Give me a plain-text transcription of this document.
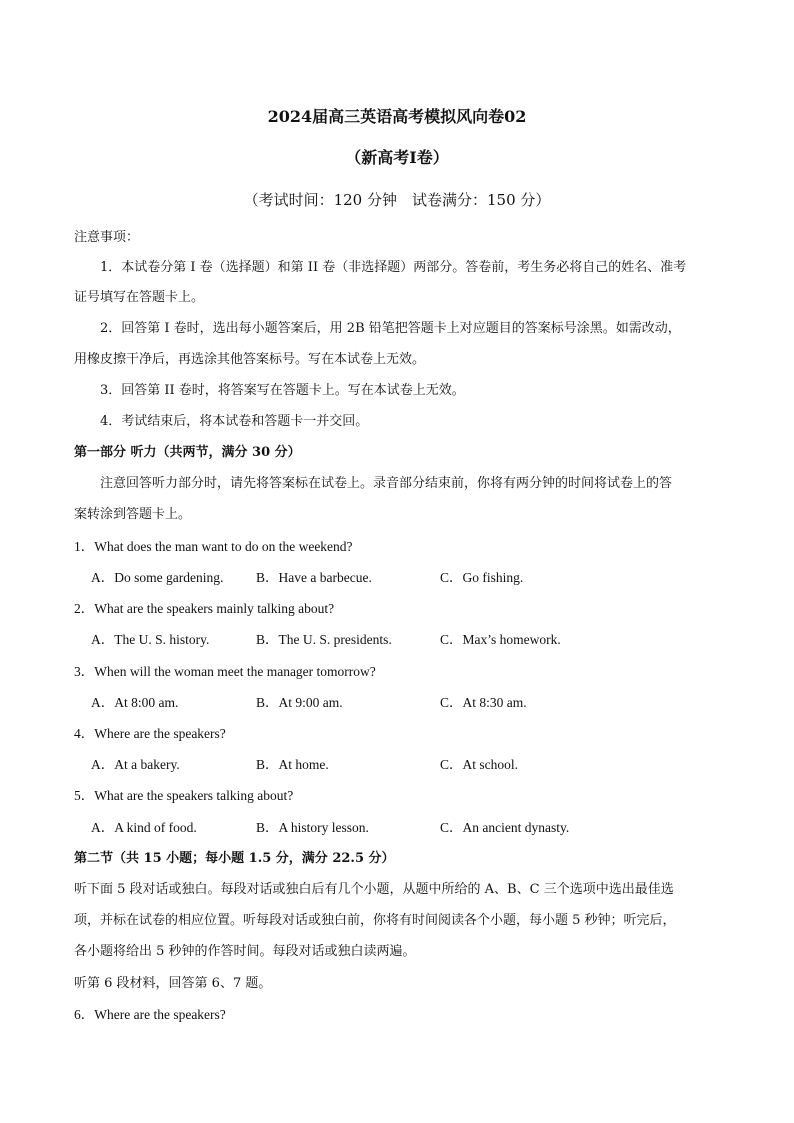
2024届高三英语高考模拟风向卷02
（新高考I卷）
（考试时间：120 分钟　试卷满分：150 分）
注意事项：
1．本试卷分第 I 卷（选择题）和第 II 卷（非选择题）两部分。答卷前，考生务必将自己的姓名、准考
证号填写在答题卡上。
2．回答第 I 卷时，选出每小题答案后，用 2B 铅笔把答题卡上对应题目的答案标号涂黑。如需改动，
用橡皮擦干净后，再选涂其他答案标号。写在本试卷上无效。
3．回答第 II 卷时，将答案写在答题卡上。写在本试卷上无效。
4．考试结束后，将本试卷和答题卡一并交回。
第一部分 听力（共两节，满分 30 分）
注意回答听力部分时，请先将答案标在试卷上。录音部分结束前，你将有两分钟的时间将试卷上的答
案转涂到答题卡上。
1．What does the man want to do on the weekend?
A．Do some gardening. B．Have a barbecue.	C．Go fishing.
2．What are the speakers mainly talking about?
A．The U. S. history.	B．The U. S. presidents.	C．Max’s homework.
3．When will the woman meet the manager tomorrow?
A．At 8:00 am.	B．At 9:00 am.	C．At 8:30 am.
4．Where are the speakers?
A．At a bakery.	B．At home.	C．At school.
5．What are the speakers talking about?
A．A kind of food.	B．A history lesson.	C．An ancient dynasty.
第二节（共 15 小题；每小题 1.5 分，满分 22.5 分）
听下面 5 段对话或独白。每段对话或独白后有几个小题，从题中所给的 A、B、C 三个选项中选出最佳选
项，并标在试卷的相应位置。听每段对话或独白前，你将有时间阅读各个小题，每小题 5 秒钟；听完后，
各小题将给出 5 秒钟的作答时间。每段对话或独白读两遍。
听第 6 段材料，回答第 6、7 题。
6．Where are the speakers?
